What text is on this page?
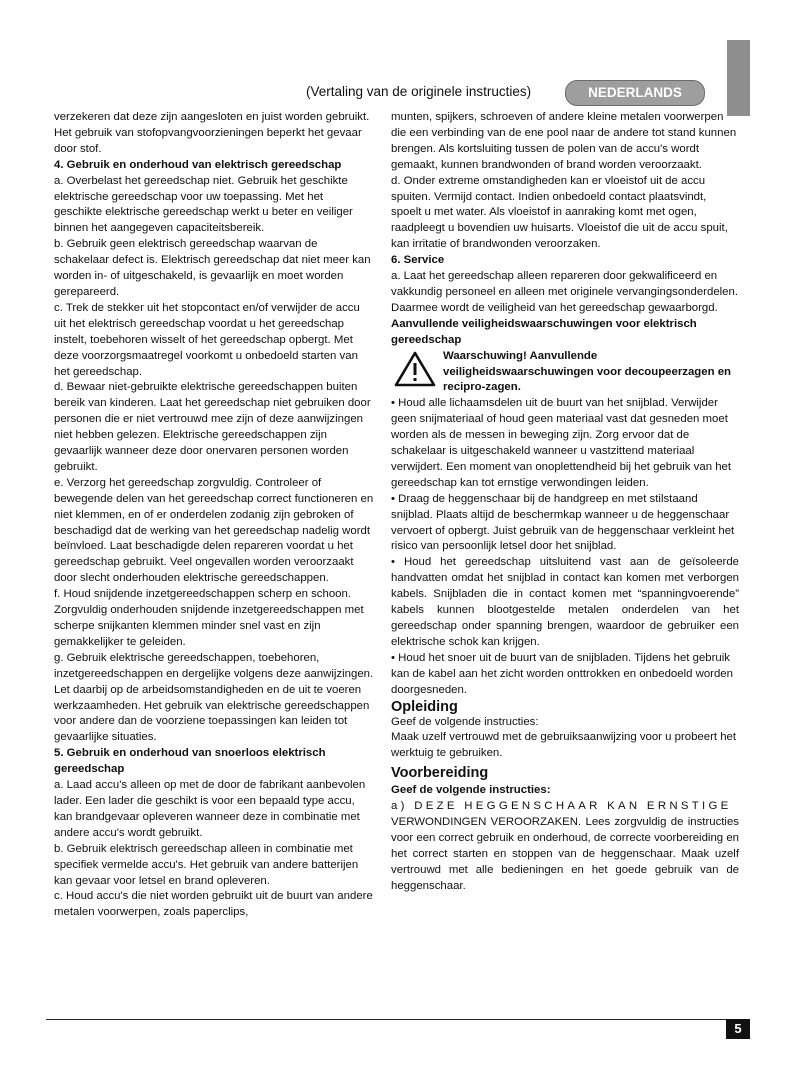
(Vertaling van de originele instructies)	NEDERLANDS

verzekeren dat deze zijn aangesloten en juist worden gebruikt. Het gebruik van stofopvangvoorzieningen beperkt het gevaar door stof.

4. Gebruik en onderhoud van elektrisch gereedschap

a. Overbelast het gereedschap niet. Gebruik het geschikte elektrische gereedschap voor uw toepassing. Met het geschikte elektrische gereedschap werkt u beter en veiliger binnen het aangegeven capaciteitsbereik.

b. Gebruik geen elektrisch gereedschap waarvan de schakelaar defect is. Elektrisch gereedschap dat niet meer kan worden in- of uitgeschakeld, is gevaarlijk en moet worden gerepareerd.

c. Trek de stekker uit het stopcontact en/of verwijder de accu uit het elektrisch gereedschap voordat u het gereedschap instelt, toebehoren wisselt of het gereedschap opbergt. Met deze voorzorgsmaatregel voorkomt u onbedoeld starten van het gereedschap.

d. Bewaar niet-gebruikte elektrische gereedschappen buiten bereik van kinderen. Laat het gereedschap niet gebruiken door personen die er niet vertrouwd mee zijn of deze aanwijzingen niet hebben gelezen. Elektrische gereedschappen zijn gevaarlijk wanneer deze door onervaren personen worden gebruikt.

e. Verzorg het gereedschap zorgvuldig. Controleer of bewegende delen van het gereedschap correct functioneren en niet klemmen, en of er onderdelen zodanig zijn gebroken of beschadigd dat de werking van het gereedschap nadelig wordt beïnvloed. Laat beschadigde delen repareren voordat u het gereedschap gebruikt. Veel ongevallen worden veroorzaakt door slecht onderhouden elektrische gereedschappen.

f. Houd snijdende inzetgereedschappen scherp en schoon. Zorgvuldig onderhouden snijdende inzetgereedschappen met scherpe snijkanten klemmen minder snel vast en zijn gemakkelijker te geleiden.

g. Gebruik elektrische gereedschappen, toebehoren, inzetgereedschappen en dergelijke volgens deze aanwijzingen. Let daarbij op de arbeidsomstandigheden en de uit te voeren werkzaamheden. Het gebruik van elektrische gereedschappen voor andere dan de voorziene toepassingen kan leiden tot gevaarlijke situaties.

5. Gebruik en onderhoud van snoerloos elektrisch gereedschap

a. Laad accu's alleen op met de door de fabrikant aanbevolen lader. Een lader die geschikt is voor een bepaald type accu, kan brandgevaar opleveren wanneer deze in combinatie met andere accu's wordt gebruikt.

b. Gebruik elektrisch gereedschap alleen in combinatie met specifiek vermelde accu's. Het gebruik van andere batterijen kan gevaar voor letsel en brand opleveren.

c. Houd accu's die niet worden gebruikt uit de buurt van andere metalen voorwerpen, zoals paperclips,

munten, spijkers, schroeven of andere kleine metalen voorwerpen die een verbinding van de ene pool naar de andere tot stand kunnen brengen. Als kortsluiting tussen de polen van de accu's wordt gemaakt, kunnen brandwonden of brand worden veroorzaakt.

d. Onder extreme omstandigheden kan er vloeistof uit de accu spuiten. Vermijd contact. Indien onbedoeld contact plaatsvindt, spoelt u met water. Als vloeistof in aanraking komt met ogen, raadpleegt u bovendien uw huisarts. Vloeistof die uit de accu spuit, kan irritatie of brandwonden veroorzaken.

6. Service

a. Laat het gereedschap alleen repareren door gekwalificeerd en vakkundig personeel en alleen met originele vervangingsonderdelen. Daarmee wordt de veiligheid van het gereedschap gewaarborgd.

Aanvullende veiligheidswaarschuwingen voor elektrisch gereedschap

Waarschuwing! Aanvullende veiligheidswaarschuwingen voor decoupeerzagen en recipro-zagen.

• Houd alle lichaamsdelen uit de buurt van het snijblad. Verwijder geen snijmateriaal of houd geen materiaal vast dat gesneden moet worden als de messen in beweging zijn. Zorg ervoor dat de schakelaar is uitgeschakeld wanneer u vastzittend materiaal verwijdert. Een moment van onoplettendheid bij het gebruik van het gereedschap kan tot ernstige verwondingen leiden.

• Draag de heggenschaar bij de handgreep en met stilstaand snijblad. Plaats altijd de beschermkap wanneer u de heggenschaar vervoert of opbergt. Juist gebruik van de heggenschaar verkleint het risico van persoonlijk letsel door het snijblad.

• Houd het gereedschap uitsluitend vast aan de geïsoleerde handvatten omdat het snijblad in contact kan komen met verborgen kabels. Snijbladen die in contact komen met “spanningvoerende” kabels kunnen blootgestelde metalen onderdelen van het gereedschap onder spanning brengen, waardoor de gebruiker een elektrische schok kan krijgen.

• Houd het snoer uit de buurt van de snijbladen. Tijdens het gebruik kan de kabel aan het zicht worden onttrokken en onbedoeld worden doorgesneden.

Opleiding

Geef de volgende instructies:

Maak uzelf vertrouwd met de gebruiksaanwijzing voor u probeert het werktuig te gebruiken.

Voorbereiding

Geef de volgende instructies:

a) DEZE HEGGENSCHAAR KAN ERNSTIGE

VERWONDINGEN VEROORZAKEN. Lees zorgvuldig de instructies voor een correct gebruik en onderhoud, de correcte voorbereiding en het correct starten en stoppen van de heggenschaar. Maak uzelf vertrouwd met alle bedieningen en het goede gebruik van de heggenschaar.

5
